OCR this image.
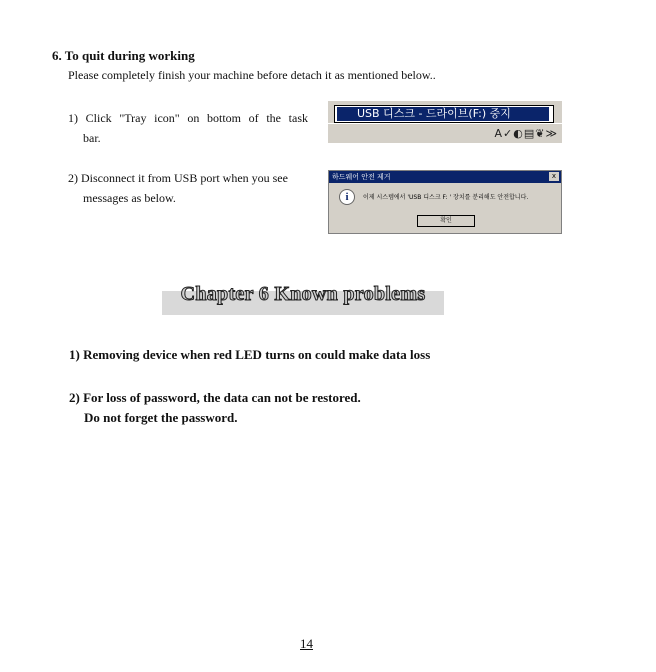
6. To quit during working
Please completely finish your machine before detach it as mentioned below..
1) Click "Tray icon" on bottom of the task
bar.
USB 디스크 - 드라이브(F:) 중지
A✓◐▤❦≫
2) Disconnect it from USB port when you see
messages as below.
하드웨어 안전 제거	x
i	이제 시스템에서 'USB 디스크 F: ' 장치를 분리해도 안전합니다.
확인
Chapter 6 Known problems
1) Removing device when red LED turns on could make data loss
2) For loss of password, the data can not be restored.
Do not forget the password.
14
